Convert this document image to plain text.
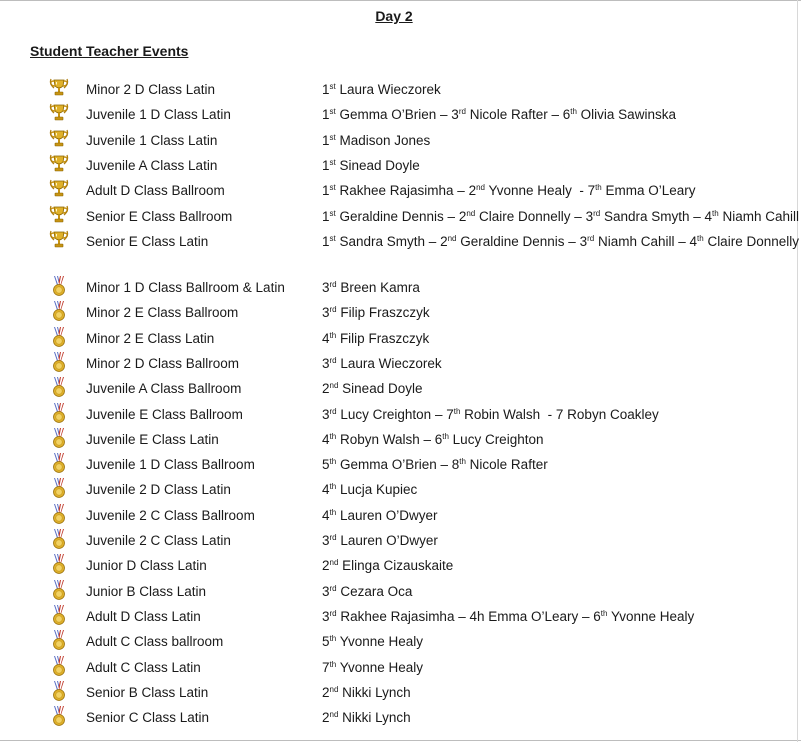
Day 2
Student Teacher Events
Minor 2 D Class Latin	1st Laura Wieczorek
Juvenile 1 D Class Latin	1st Gemma O’Brien – 3rd Nicole Rafter – 6th Olivia Sawinska
Juvenile 1 Class Latin	1st Madison Jones
Juvenile A Class Latin	1st Sinead Doyle
Adult D Class Ballroom	1st Rakhee Rajasimha – 2nd Yvonne Healy  - 7th Emma O’Leary
Senior E Class Ballroom	1st Geraldine Dennis – 2nd Claire Donnelly – 3rd Sandra Smyth – 4th Niamh Cahill
Senior E Class Latin	1st Sandra Smyth – 2nd Geraldine Dennis – 3rd Niamh Cahill – 4th Claire Donnelly
Minor 1 D Class Ballroom & Latin	3rd Breen Kamra
Minor 2 E Class Ballroom	3rd Filip Fraszczyk
Minor 2 E Class Latin	4th Filip Fraszczyk
Minor 2 D Class Ballroom	3rd Laura Wieczorek
Juvenile A Class Ballroom	2nd Sinead Doyle
Juvenile E Class Ballroom	3rd Lucy Creighton – 7th Robin Walsh  - 7 Robyn Coakley
Juvenile E Class Latin	4th Robyn Walsh – 6th Lucy Creighton
Juvenile 1 D Class Ballroom	5th Gemma O’Brien – 8th Nicole Rafter
Juvenile 2 D Class Latin	4th Lucja Kupiec
Juvenile 2 C Class Ballroom	4th Lauren O’Dwyer
Juvenile 2 C Class Latin	3rd Lauren O’Dwyer
Junior D Class Latin	2nd Elinga Cizauskaite
Junior B Class Latin	3rd Cezara Oca
Adult D Class Latin	3rd Rakhee Rajasimha – 4h Emma O’Leary – 6th Yvonne Healy
Adult C Class ballroom	5th Yvonne Healy
Adult C Class Latin	7th Yvonne Healy
Senior B Class Latin	2nd Nikki Lynch
Senior C Class Latin	2nd Nikki Lynch
